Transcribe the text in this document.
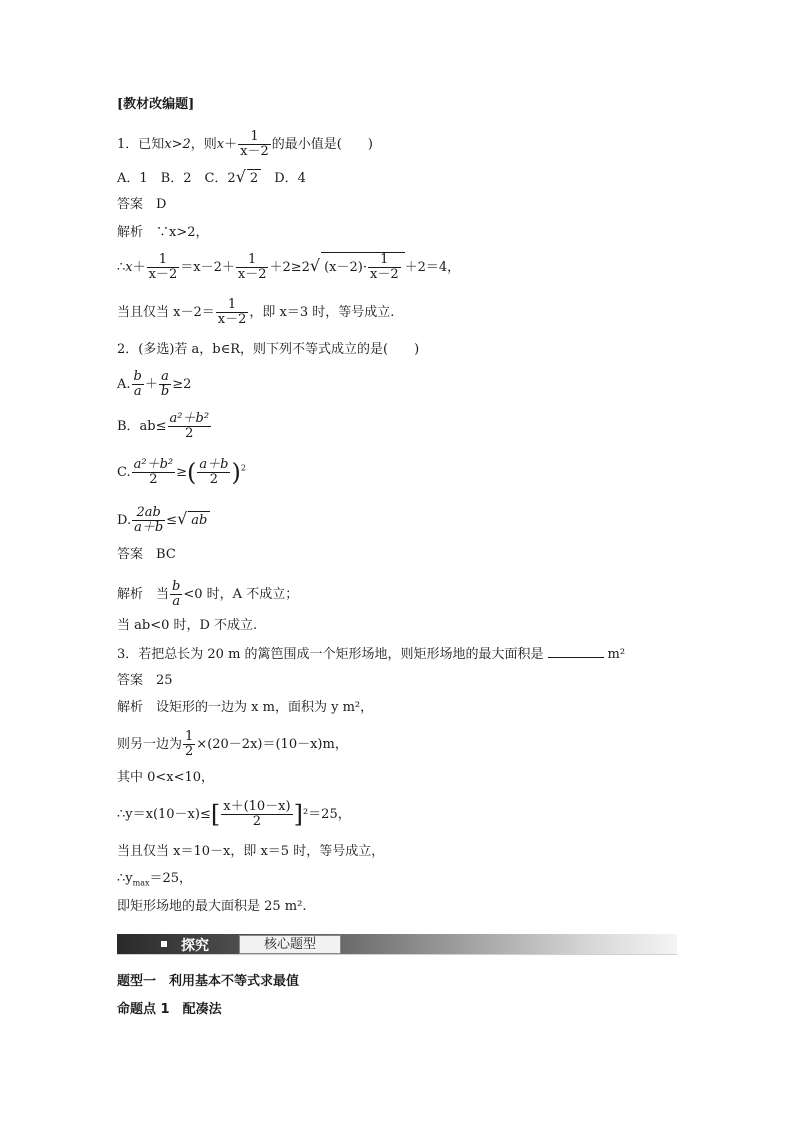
[教材改编题]
1．已知x>2，则$x+ \frac{1}{x-2}$ 的最小值是(　　)
A．1　B．2　C．2√ 2　D．4
答案　 D
解析　 ∵x>2，
∴x＋ $\frac{1}{x-2} =x-2+ \frac{1}{x-2} +2\ge 2√$ $(x-2)\cdot \frac{1}{x-2} +2=4$，
当且仅当 $x-2= \frac{1}{x-2}$ ，即 x＝3 时，等号成立.
2．(多选)若 a，b∈R，则下列不等式成立的是(　　)
A. $\frac{b}{a} + \frac{a}{b} \ge 2$
B．$ab\le \frac{\text{a²＋b²}}{2}$
C. $\frac{\text{a²＋b²}}{2}$ ≥( $\frac{a+b}{2} )^2$
D. $\frac{2ab}{a+b}$ ≤√ ab
答案　 BC
解析　 当 $\frac{b}{a} <0$ 时，A 不成立；
当 ab<0 时，D 不成立.
3．若把总长为 20 m 的篱笆围成一个矩形场地，则矩形场地的最大面积是	m²
答案　 25
解析　 设矩形的一边为 x m，面积为 y m²，
则另一边为 $\frac{1}{2} \times(20-2x)=(10-x)m$，
其中 0<x<10，
∴y＝x(10－x)≤[ $\frac{x+(10-x)}{2} ]^2=25$，
当且仅当 x＝10－x，即 x＝5 时，等号成立，
$\therefore y_{max}=25$，
即矩形场地的最大面积是 25 m².
探究	核心题型
题型一　利用基本不等式求最值
命题点 1　配凑法
